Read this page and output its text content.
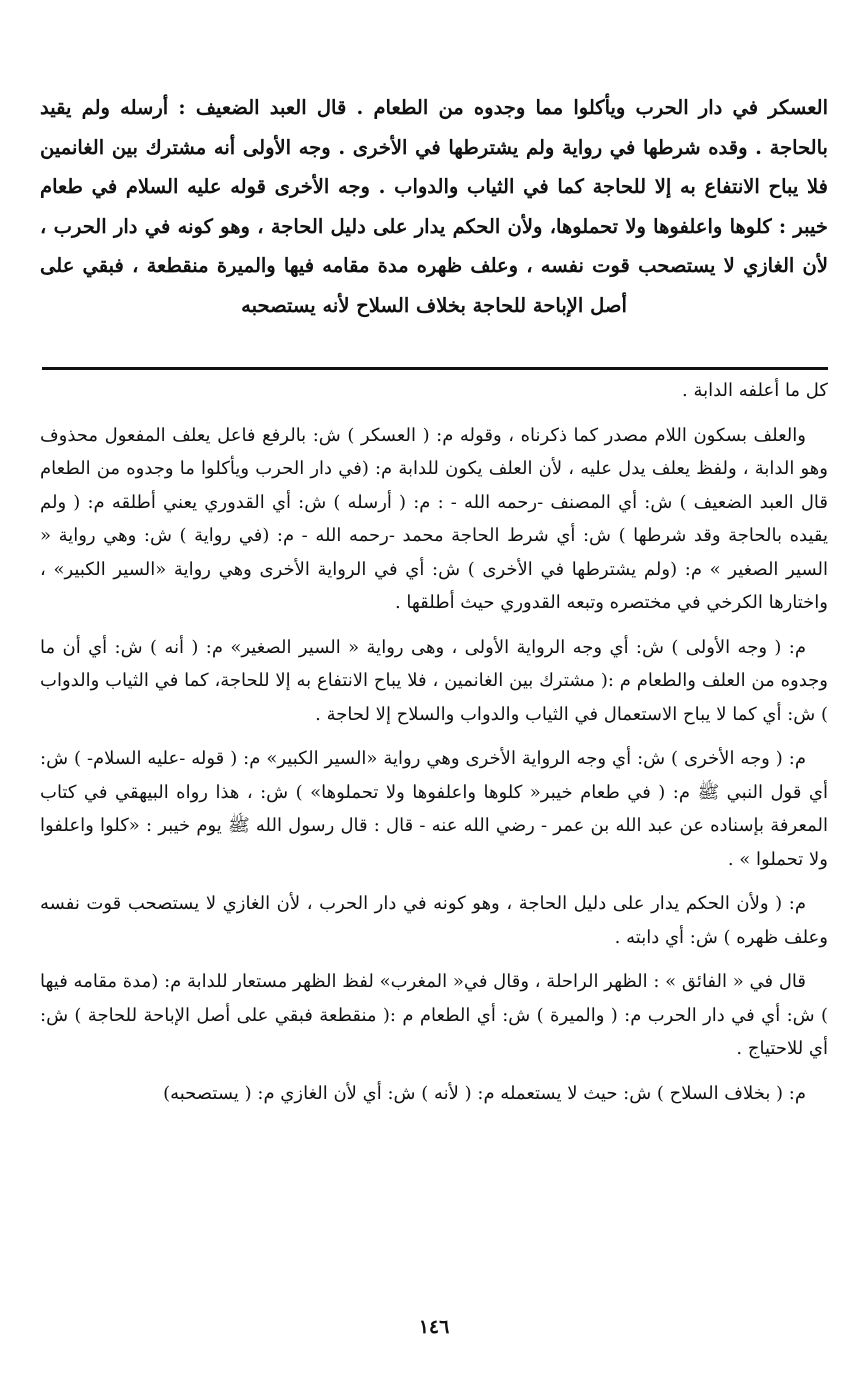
العسكر في دار الحرب ويأكلوا مما وجدوه من الطعام . قال العبد الضعيف : أرسله ولم يقيد بالحاجة . وقده شرطها في رواية ولم يشترطها في الأخرى . وجه الأولى أنه مشترك بين الغانمين فلا يباح الانتفاع به إلا للحاجة كما في الثياب والدواب . وجه الأخرى قوله عليه السلام في طعام خيبر : كلوها واعلفوها ولا تحملوها، ولأن الحكم يدار على دليل الحاجة ، وهو كونه في دار الحرب ، لأن الغازي لا يستصحب قوت نفسه ، وعلف ظهره مدة مقامه فيها والميرة منقطعة ، فبقي على أصل الإباحة للحاجة بخلاف السلاح لأنه يستصحبه

كل ما أعلفه الدابة .

والعلف بسكون اللام مصدر كما ذكرناه ، وقوله م: ( العسكر ) ش: بالرفع فاعل يعلف المفعول محذوف وهو الدابة ، ولفظ يعلف يدل عليه ، لأن العلف يكون للدابة م: (في دار الحرب ويأكلوا ما وجدوه من الطعام قال العبد الضعيف ) ش: أي المصنف -رحمه الله - : م: ( أرسله ) ش: أي القدوري يعني أطلقه م: ( ولم يقيده بالحاجة وقد شرطها ) ش: أي شرط الحاجة محمد -رحمه الله - م: (في رواية ) ش: وهي رواية « السير الصغير » م: (ولم يشترطها في الأخرى ) ش: أي في الرواية الأخرى وهي رواية «السير الكبير» ، واختارها الكرخي في مختصره وتبعه القدوري حيث أطلقها .

م: ( وجه الأولى ) ش: أي وجه الرواية الأولى ، وهى رواية « السير الصغير» م: ( أنه ) ش: أي أن ما وجدوه من العلف والطعام م :( مشترك بين الغانمين ، فلا يباح الانتفاع به إلا للحاجة، كما في الثياب والدواب ) ش: أي كما لا يباح الاستعمال في الثياب والدواب والسلاح إلا لحاجة .

م: ( وجه الأخرى ) ش: أي وجه الرواية الأخرى وهي رواية «السير الكبير» م: ( قوله -عليه السلام- ) ش: أي قول النبي ﷺ م: ( في طعام خيبر« كلوها واعلفوها ولا تحملوها» ) ش: ، هذا رواه البيهقي في كتاب المعرفة بإسناده عن عبد الله بن عمر - رضي الله عنه - قال : قال رسول الله ﷺ يوم خيبر : «كلوا واعلفوا ولا تحملوا » .

م: ( ولأن الحكم يدار على دليل الحاجة ، وهو كونه في دار الحرب ، لأن الغازي لا يستصحب قوت نفسه وعلف ظهره ) ش: أي دابته .

قال في « الفائق » : الظهر الراحلة ، وقال في« المغرب» لفظ الظهر مستعار للدابة م: (مدة مقامه فيها ) ش: أي في دار الحرب م: ( والميرة ) ش: أي الطعام م :( منقطعة فبقي على أصل الإباحة للحاجة ) ش: أي للاحتياج .

م: ( بخلاف السلاح ) ش: حيث لا يستعمله م: ( لأنه ) ش: أي لأن الغازي م: ( يستصحبه)

١٤٦
